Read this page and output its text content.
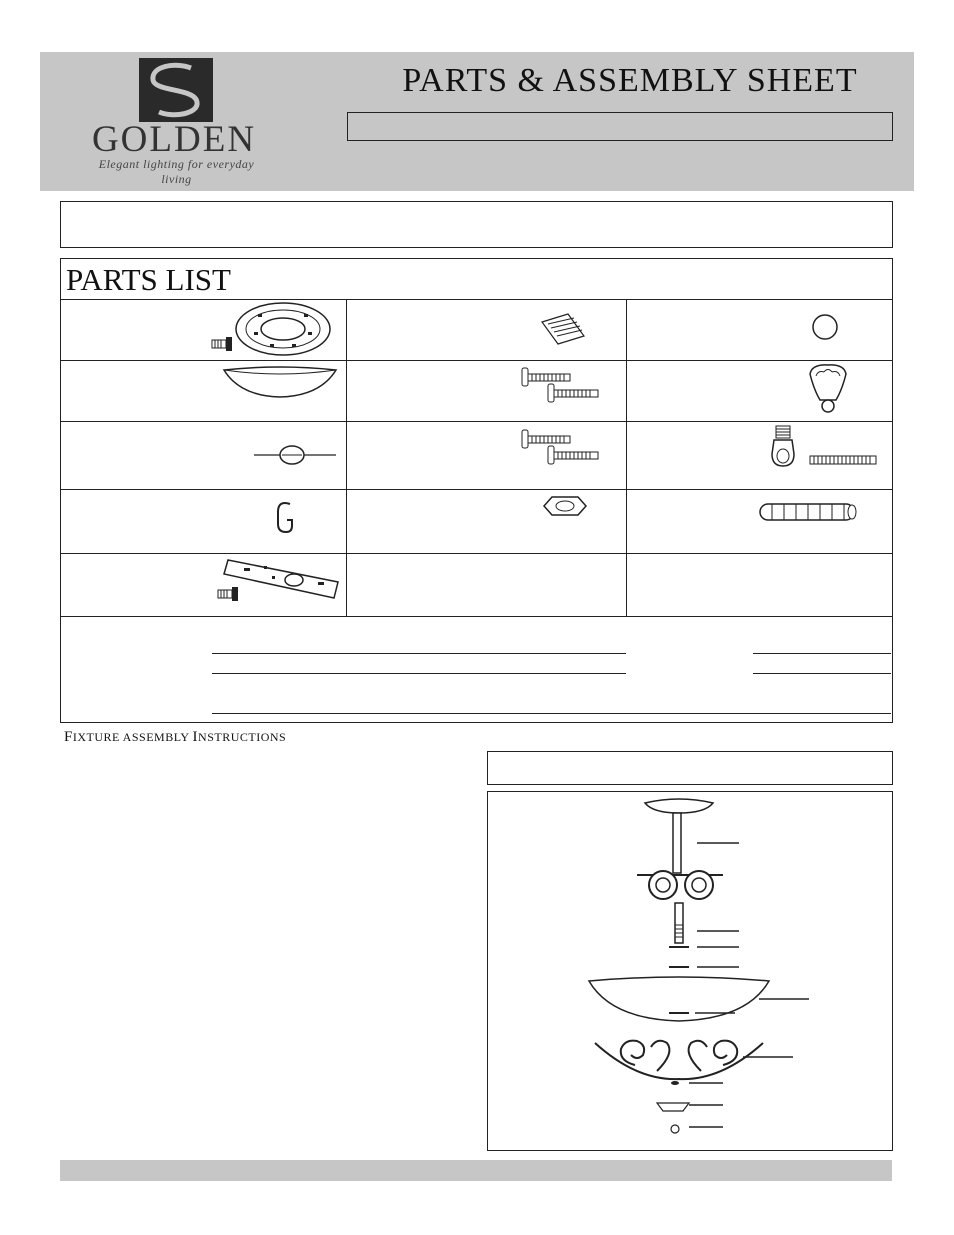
GOLDEN
Elegant lighting for everyday living
PARTS & ASSEMBLY SHEET
PARTS LIST
FIXTURE ASSEMBLY INSTRUCTIONS
